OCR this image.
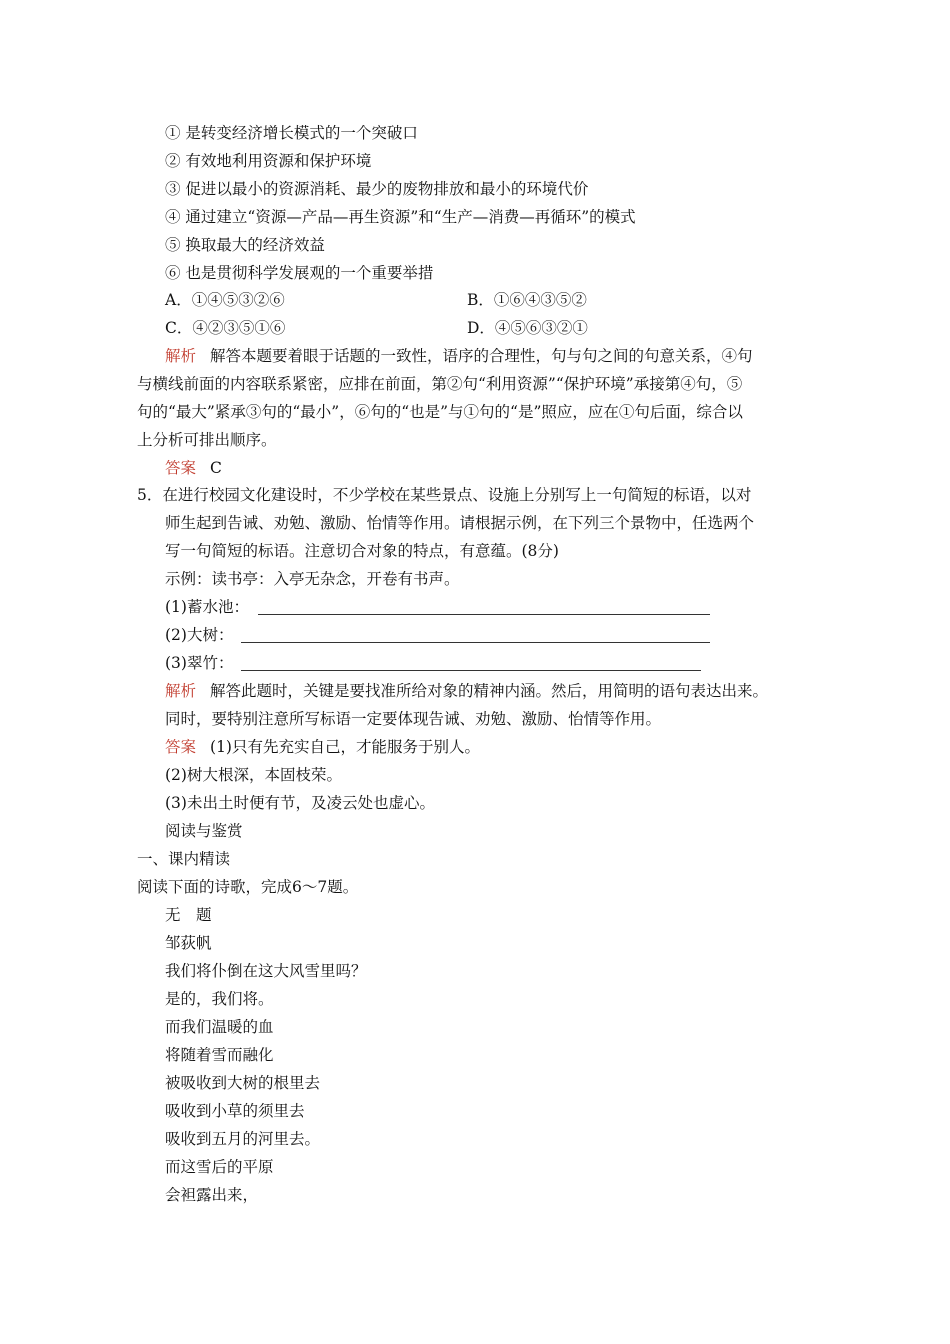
① 是转变经济增长模式的一个突破口
② 有效地利用资源和保护环境
③ 促进以最小的资源消耗、最少的废物排放和最小的环境代价
④ 通过建立“资源—产品—再生资源”和“生产—消费—再循环”的模式
⑤ 换取最大的经济效益
⑥ 也是贯彻科学发展观的一个重要举措
A．①④⑤③②⑥	B．①⑥④③⑤②
C．④②③⑤①⑥	D．④⑤⑥③②①
解析 解答本题要着眼于话题的一致性，语序的合理性，句与句之间的句意关系，④句
与横线前面的内容联系紧密，应排在前面，第②句“利用资源”“保护环境”承接第④句，⑤
句的“最大”紧承③句的“最小”，⑥句的“也是”与①句的“是”照应，应在①句后面，综合以
上分析可排出顺序。
答案 C
5．在进行校园文化建设时，不少学校在某些景点、设施上分别写上一句简短的标语，以对
师生起到告诫、劝勉、激励、怡情等作用。请根据示例，在下列三个景物中，任选两个
写一句简短的标语。注意切合对象的特点，有意蕴。(8分)
示例：读书亭：入亭无杂念，开卷有书声。
(1)蓄水池：
(2)大树：
(3)翠竹：
解析 解答此题时，关键是要找准所给对象的精神内涵。然后，用简明的语句表达出来。
同时，要特别注意所写标语一定要体现告诫、劝勉、激励、怡情等作用。
答案 (1)只有先充实自己，才能服务于别人。
(2)树大根深，本固枝荣。
(3)未出土时便有节，及凌云处也虚心。
阅读与鉴赏
一、课内精读
阅读下面的诗歌，完成6～7题。
无　题
邹荻帆
我们将仆倒在这大风雪里吗？
是的，我们将。
而我们温暖的血
将随着雪而融化
被吸收到大树的根里去
吸收到小草的须里去
吸收到五月的河里去。
而这雪后的平原
会袒露出来，
